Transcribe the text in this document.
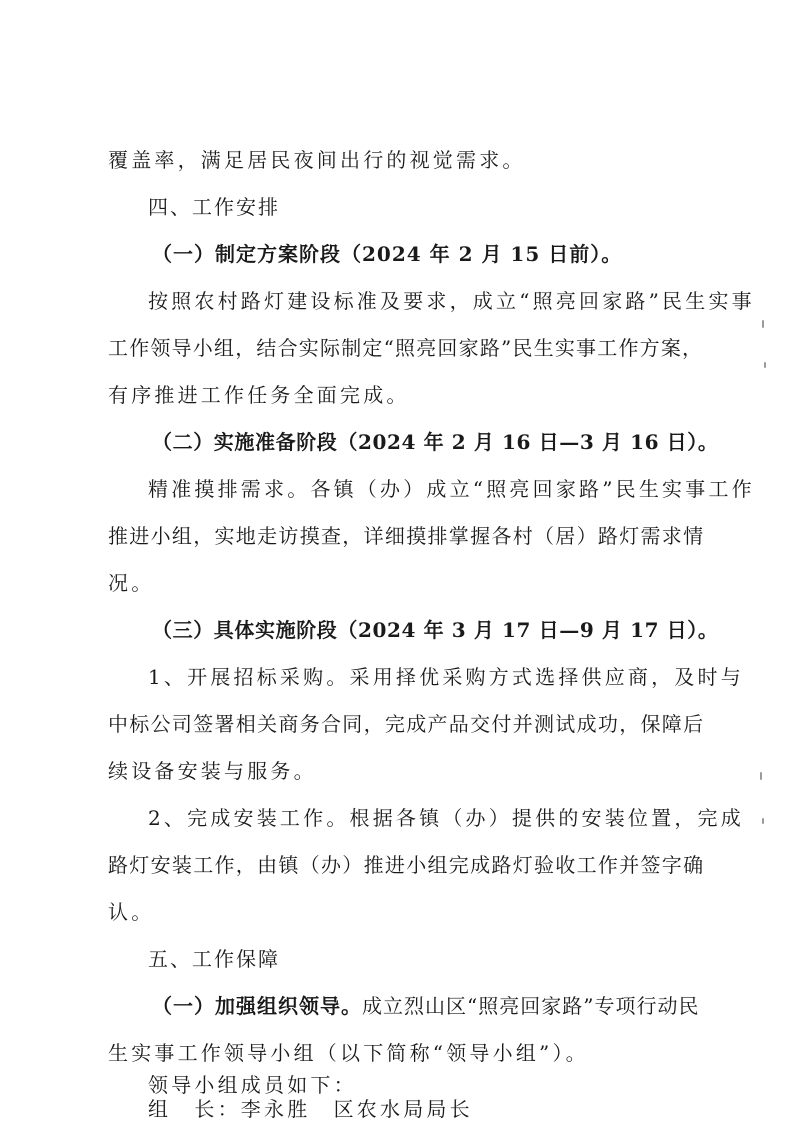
覆盖率，满足居民夜间出行的视觉需求。
四、工作安排
（一）制定方案阶段（2024 年 2 月 15 日前）。
按照农村路灯建设标准及要求，成立“照亮回家路”民生实事
工作领导小组，结合实际制定“照亮回家路”民生实事工作方案，
有序推进工作任务全面完成。
（二）实施准备阶段（2024 年 2 月 16 日—3 月 16 日）。
精准摸排需求。各镇（办）成立“照亮回家路”民生实事工作
推进小组，实地走访摸查，详细摸排掌握各村（居）路灯需求情
况。
（三）具体实施阶段（2024 年 3 月 17 日—9 月 17 日）。
1、开展招标采购。采用择优采购方式选择供应商，及时与
中标公司签署相关商务合同，完成产品交付并测试成功，保障后
续设备安装与服务。
2、完成安装工作。根据各镇（办）提供的安装位置，完成
路灯安装工作，由镇（办）推进小组完成路灯验收工作并签字确
认。
五、工作保障
（一）加强组织领导。成立烈山区“照亮回家路”专项行动民
生实事工作领导小组（以下简称“领导小组”）。
领导小组成员如下：
组　长：李永胜　区农水局局长
